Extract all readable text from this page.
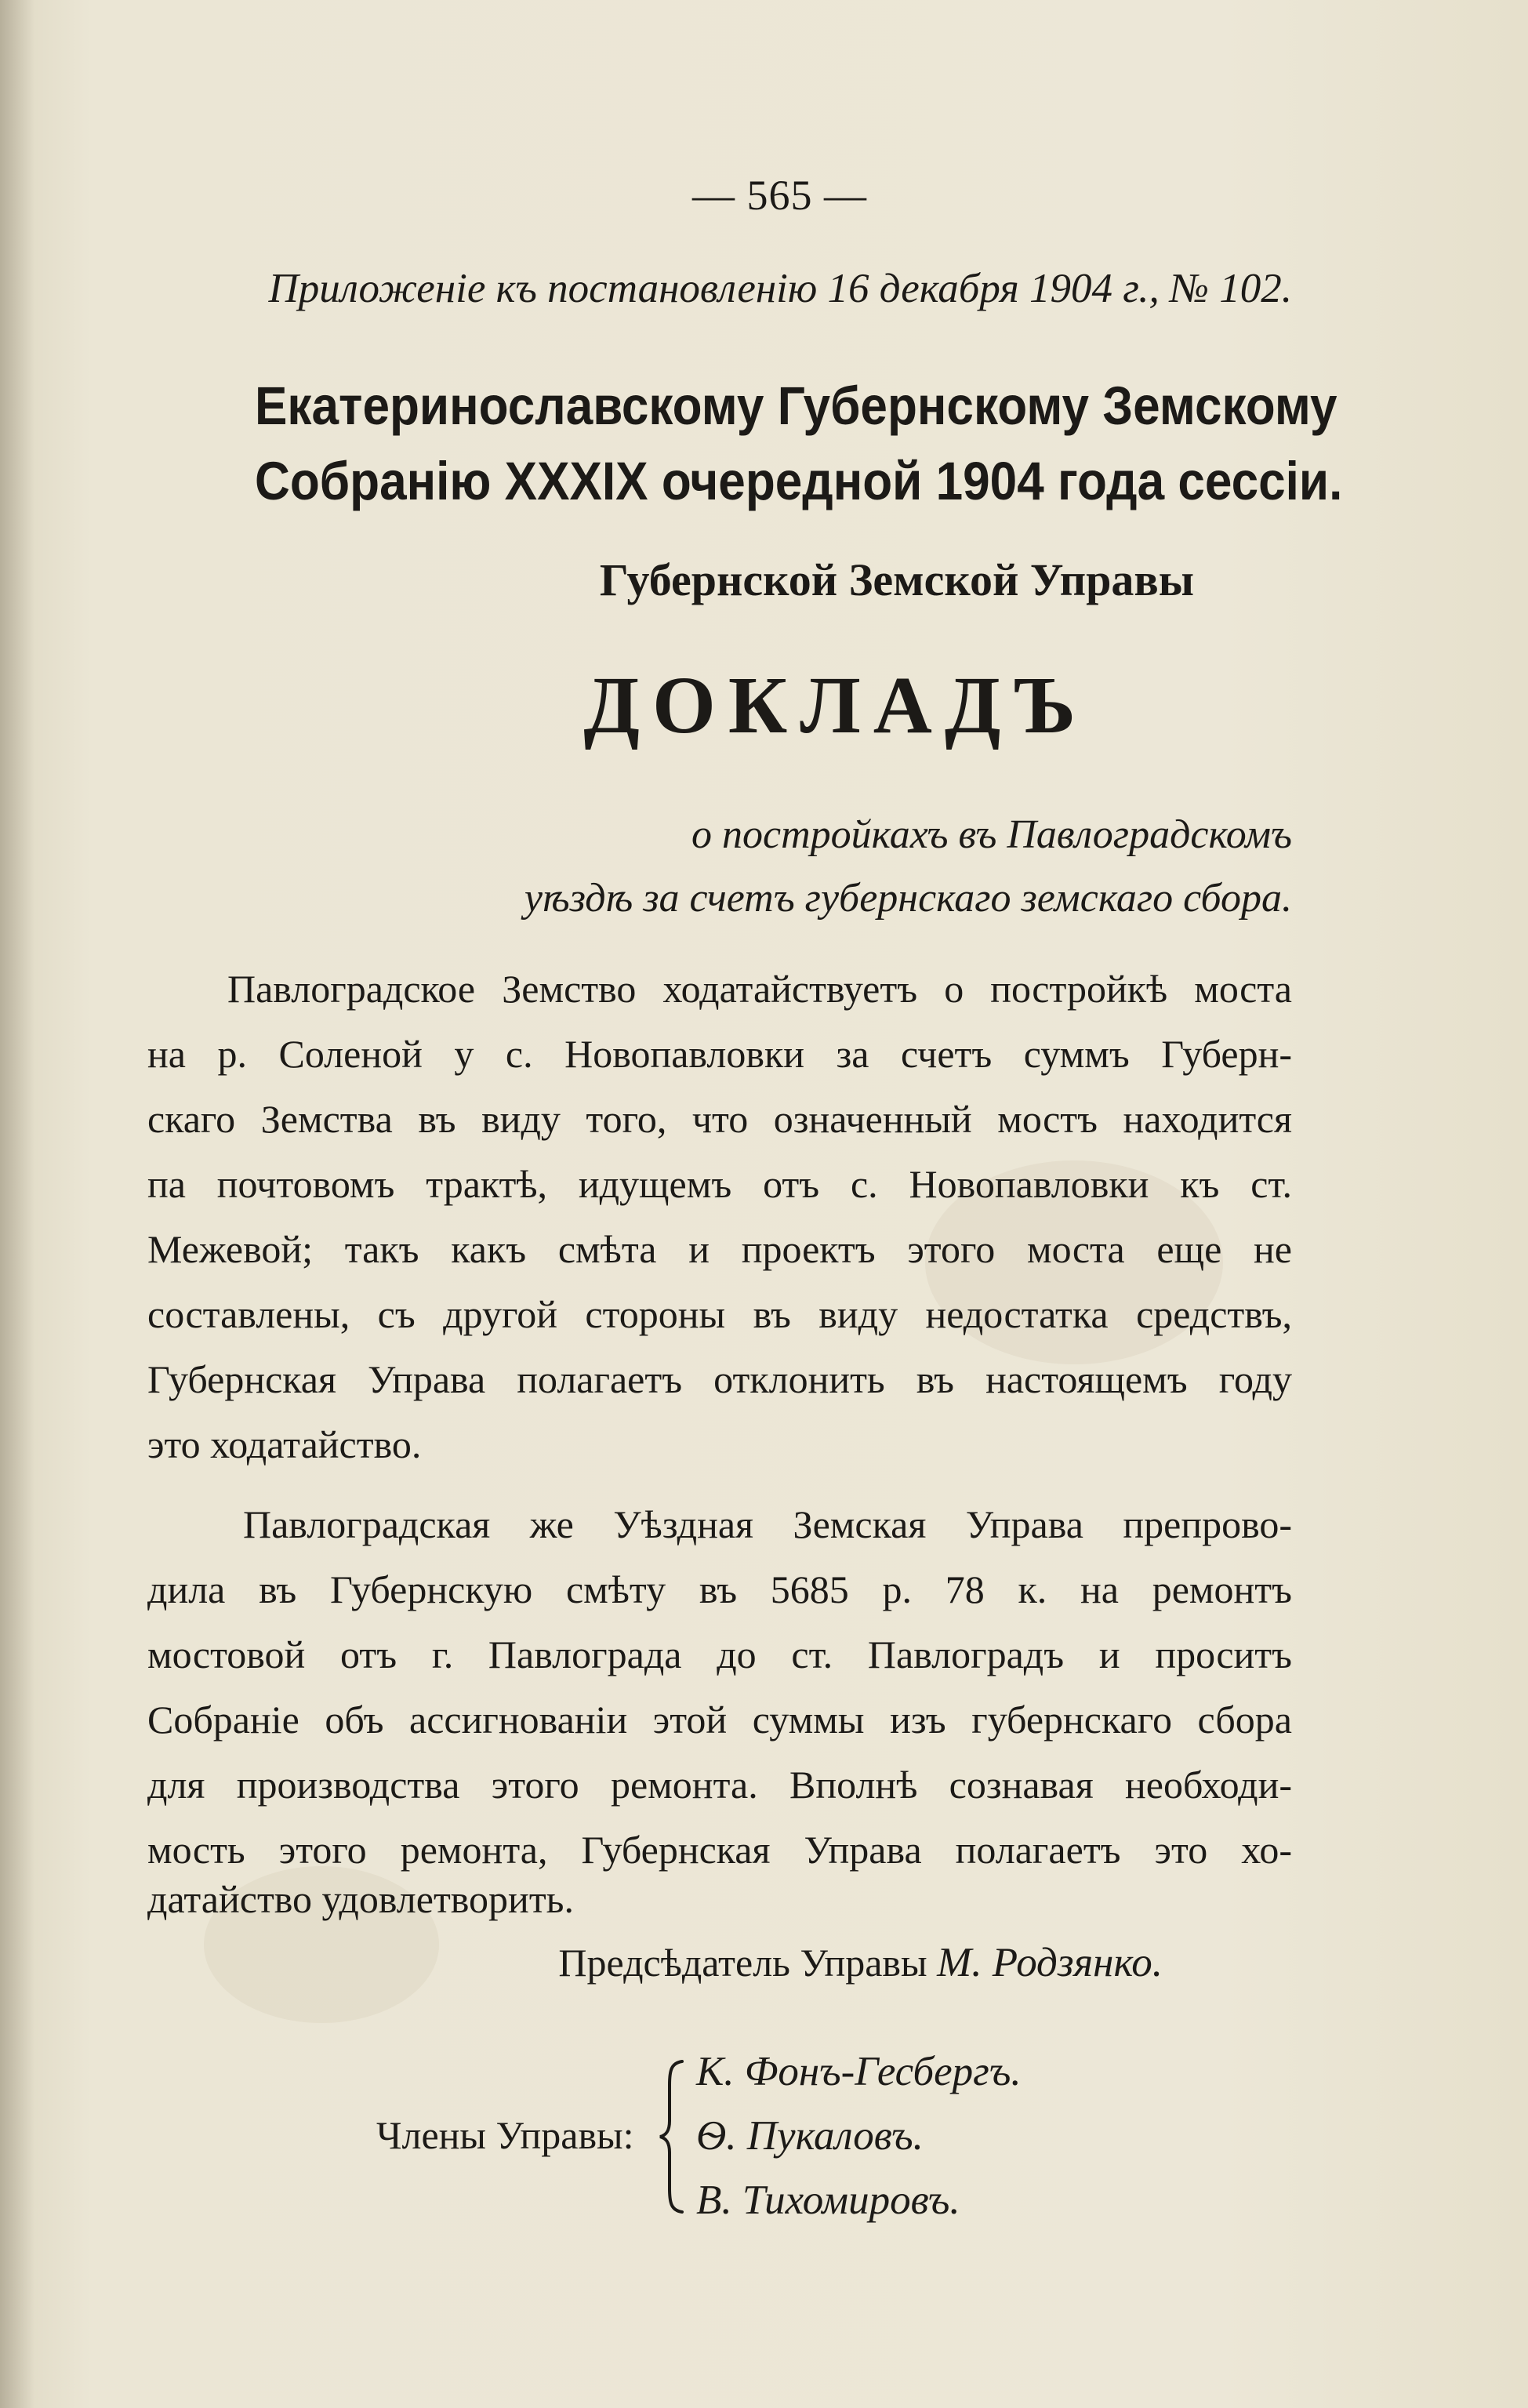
— 565 —
Приложеніе къ постановленію 16 декабря 1904 г., № 102.
Екатеринославскому Губернскому Земскому
Собранію XXXIX очередной 1904 года сессіи.
Губернской Земской Управы
ДОКЛАДЪ
о постройкахъ въ Павлоградскомъ
уѣздѣ за счетъ губернскаго земскаго сбора.
Павлоградское Земство ходатайствуетъ о постройкѣ моста
на р. Соленой у с. Новопавловки за счетъ суммъ Губерн-
скаго Земства въ виду того, что означенный мостъ находится
па почтовомъ трактѣ, идущемъ отъ с. Новопавловки къ ст.
Межевой; такъ какъ смѣта и проектъ этого моста еще не
составлены, съ другой стороны въ виду недостатка средствъ,
Губернская Управа полагаетъ отклонить въ настоящемъ году
это ходатайство.
Павлоградская же Уѣздная Земская Управа препрово-
дила въ Губернскую смѣту въ 5685 р. 78 к. на ремонтъ
мостовой отъ г. Павлограда до ст. Павлоградъ и проситъ
Собраніе объ ассигнованіи этой суммы изъ губернскаго сбора
для производства этого ремонта. Вполнѣ сознавая необходи-
мость этого ремонта, Губернская Управа полагаетъ это хо-
датайство удовлетворить.
Предсѣдатель Управы М. Родзянко.
Члены Управы:
К. Фонъ-Гесбергъ.
Ѳ. Пукаловъ.
В. Тихомировъ.
